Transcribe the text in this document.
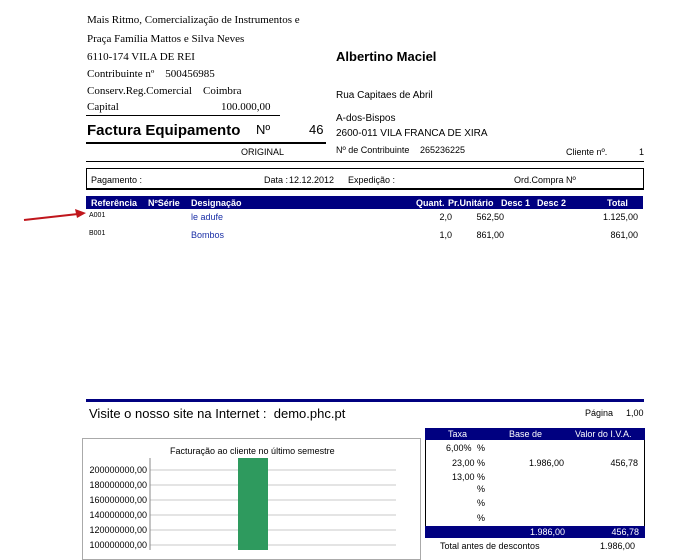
Mais Ritmo, Comercialização de Instrumentos e
Praça Família Mattos e Silva Neves
6110-174 VILA DE REI
Contribuinte nº    500456985
Conserv.Reg.Comercial    Coimbra
Capital	100.000,00
Factura Equipamento Nº	46
ORIGINAL
Albertino Maciel
Rua Capitaes de Abril
A-dos-Bispos
2600-011 VILA FRANCA DE XIRA
Nº de Contribuinte 265236225	Cliente nº.	1
Pagamento :	Data : 12.12.2012 Expedição :	Ord.Compra Nº
Referência NºSérie Designação	Quant. Pr.Unitário Desc 1 Desc 2	Total
A001	le adufe	2,0	562,50	1.125,00
B001	Bombos	1,0	861,00	861,00
Visite o nosso site na Internet :  demo.phc.pt	Página 1,00
Facturação ao cliente no último semestre
200000000,00
180000000,00
160000000,00
140000000,00
120000000,00
100000000,00
Taxa	Base de	Valor do I.V.A.
6,00% %
23,00 %	1.986,00	456,78
13,00 %
%
%
%
1.986,00	456,78
Total antes de descontos	1.986,00
